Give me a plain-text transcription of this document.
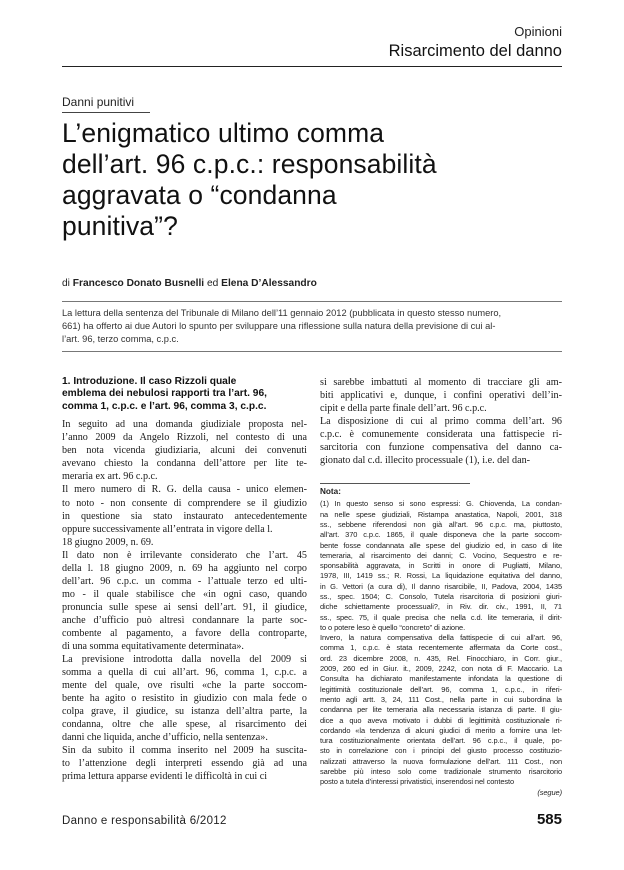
Opinioni
Risarcimento del danno
Danni punitivi
L’enigmatico ultimo comma
dell’art. 96 c.p.c.: responsabilità
aggravata o “condanna
punitiva”?
di Francesco Donato Busnelli ed Elena D’Alessandro
La lettura della sentenza del Tribunale di Milano dell’11 gennaio 2012 (pubblicata in questo stesso numero,
661) ha offerto ai due Autori lo spunto per sviluppare una riflessione sulla natura della previsione di cui al-
l’art. 96, terzo comma, c.p.c.
1. Introduzione. Il caso Rizzoli quale
emblema dei nebulosi rapporti tra l’art. 96,
comma 1, c.p.c. e l’art. 96, comma 3, c.p.c.
In seguito ad una domanda giudiziale proposta nel-
l’anno 2009 da Angelo Rizzoli, nel contesto di una
ben nota vicenda giudiziaria, alcuni dei convenuti
avevano chiesto la condanna dell’attore per lite te-
meraria ex art. 96 c.p.c.
Il mero numero di R. G. della causa - unico elemen-
to noto - non consente di comprendere se il giudizio
in questione sia stato instaurato antecedentemente
oppure successivamente all’entrata in vigore della l.
18 giugno 2009, n. 69.
Il dato non è irrilevante considerato che l’art. 45
della l. 18 giugno 2009, n. 69 ha aggiunto nel corpo
dell’art. 96 c.p.c. un comma - l’attuale terzo ed ulti-
mo - il quale stabilisce che «in ogni caso, quando
pronuncia sulle spese ai sensi dell’art. 91, il giudice,
anche d’ufficio può altresì condannare la parte soc-
combente al pagamento, a favore della controparte,
di una somma equitativamente determinata».
La previsione introdotta dalla novella del 2009 si
somma a quella di cui all’art. 96, comma 1, c.p.c. a
mente del quale, ove risulti «che la parte soccom-
bente ha agito o resistito in giudizio con mala fede o
colpa grave, il giudice, su istanza dell’altra parte, la
condanna, oltre che alle spese, al risarcimento dei
danni che liquida, anche d’ufficio, nella sentenza».
Sin da subito il comma inserito nel 2009 ha suscita-
to l’attenzione degli interpreti essendo già ad una
prima lettura apparse evidenti le difficoltà in cui ci
si sarebbe imbattuti al momento di tracciare gli am-
biti applicativi e, dunque, i confini operativi dell’in-
cipit e della parte finale dell’art. 96 c.p.c.
La disposizione di cui al primo comma dell’art. 96
c.p.c. è comunemente considerata una fattispecie ri-
sarcitoria con funzione compensativa del danno ca-
gionato dal c.d. illecito processuale (1), i.e. del dan-
Nota:
(1) In questo senso si sono espressi: G. Chiovenda, La condan-
na nelle spese giudiziali, Ristampa anastatica, Napoli, 2001, 318
ss., sebbene riferendosi non già all’art. 96 c.p.c. ma, piuttosto,
all’art. 370 c.p.c. 1865, il quale disponeva che la parte soccom-
bente fosse condannata alle spese del giudizio ed, in caso di lite
temeraria, al risarcimento dei danni; C. Vocino, Sequestro e re-
sponsabilità aggravata, in Scritti in onore di Pugliatti, Milano,
1978, III, 1419 ss.; R. Rossi, La liquidazione equitativa del danno,
in G. Vettori (a cura di), Il danno risarcibile, II, Padova, 2004, 1435
ss., spec. 1504; C. Consolo, Tutela risarcitoria di posizioni giuri-
diche schiettamente processuali?, in Riv. dir. civ., 1991, II, 71
ss., spec. 75, il quale precisa che nella c.d. lite temeraria, il dirit-
to o potere leso è quello “concreto” di azione.
Invero, la natura compensativa della fattispecie di cui all’art. 96,
comma 1, c.p.c. è stata recentemente affermata da Corte cost.,
ord. 23 dicembre 2008, n. 435, Rel. Finocchiaro, in Corr. giur.,
2009, 260 ed in Giur. it., 2009, 2242, con nota di F. Maccario. La
Consulta ha dichiarato manifestamente infondata la questione di
legittimità costituzionale dell’art. 96, comma 1, c.p.c., in riferi-
mento agli artt. 3, 24, 111 Cost., nella parte in cui subordina la
condanna per lite temeraria alla necessaria istanza di parte. Il giu-
dice a quo aveva motivato i dubbi di legittimità costituzionale ri-
cordando «la tendenza di alcuni giudici di merito a fornire una let-
tura costituzionalmente orientata dell’art. 96 c.p.c., il quale, po-
sto in correlazione con i principi del giusto processo costituzio-
nalizzati attraverso la nuova formulazione dell’art. 111 Cost., non
sarebbe più inteso solo come tradizionale strumento risarcitorio
posto a tutela d’interessi privatistici, inserendosi nel contesto
(segue)
Danno e responsabilità 6/2012	585
